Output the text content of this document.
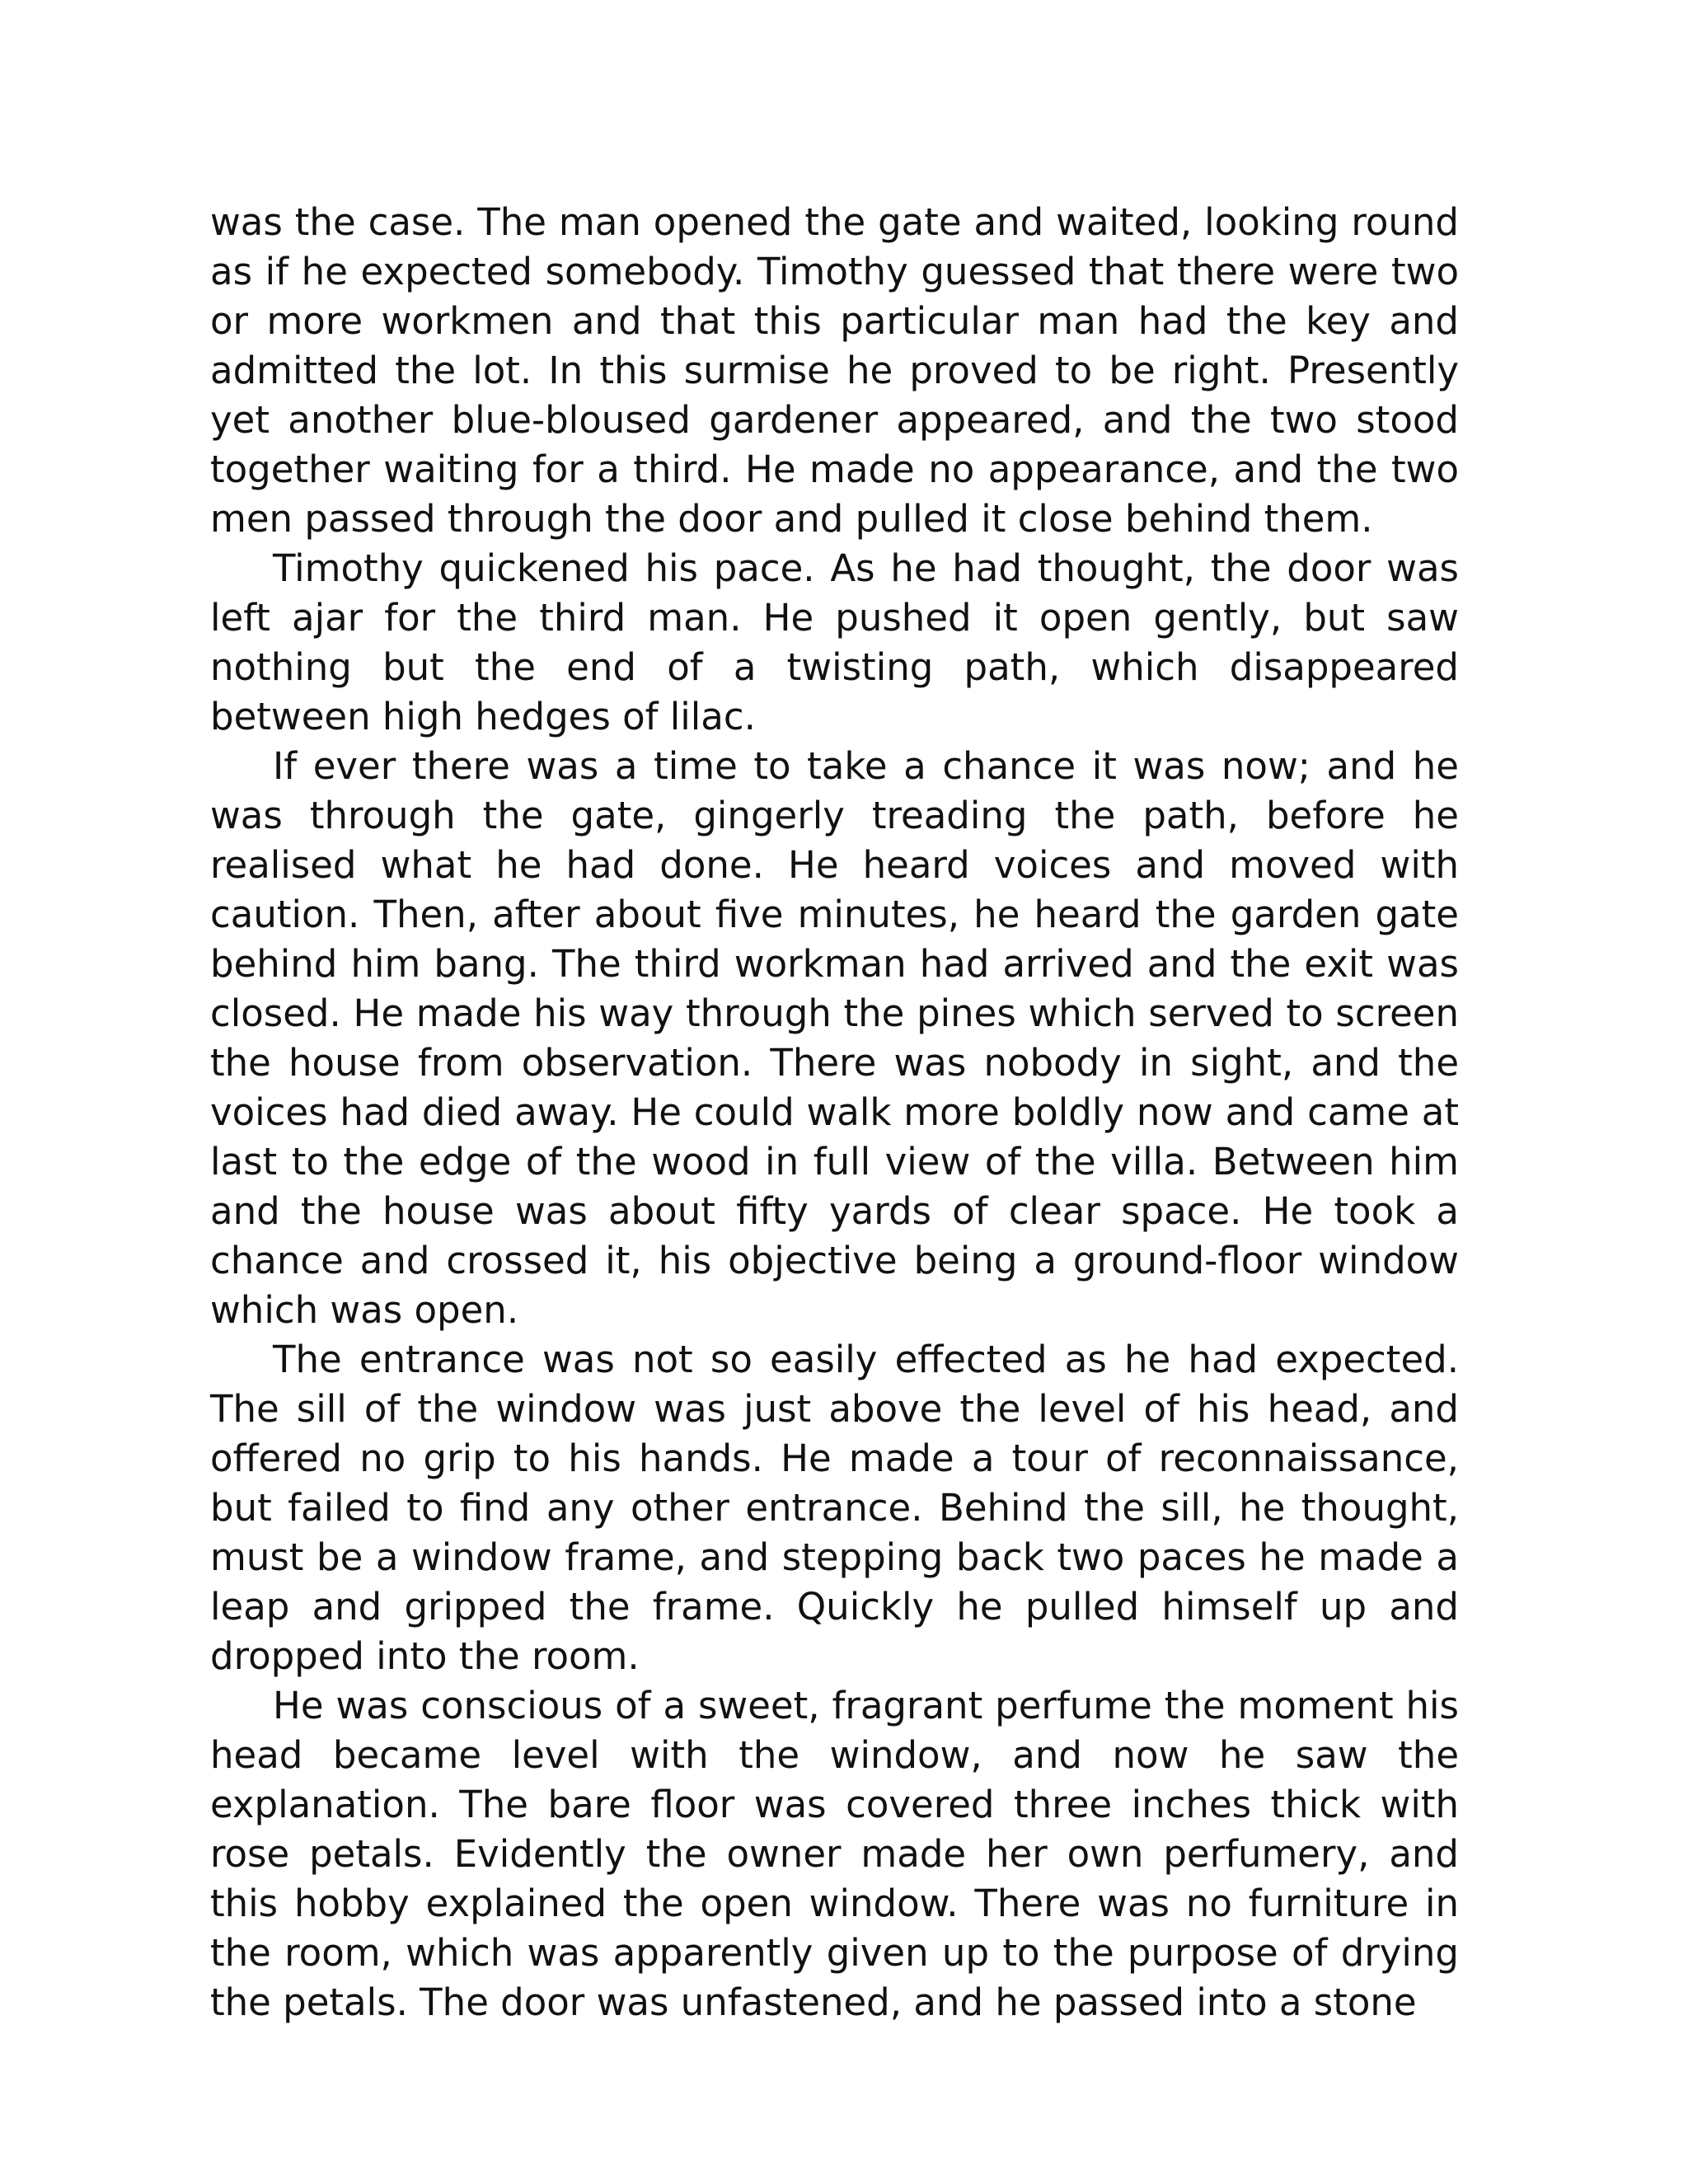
was the case. The man opened the gate and waited, looking round as if he expected somebody. Timothy guessed that there were two or more workmen and that this particular man had the key and admitted the lot. In this surmise he proved to be right. Presently yet another blue-bloused gardener appeared, and the two stood together waiting for a third. He made no appearance, and the two men passed through the door and pulled it close behind them.

Timothy quickened his pace. As he had thought, the door was left ajar for the third man. He pushed it open gently, but saw nothing but the end of a twisting path, which disappeared between high hedges of lilac.

If ever there was a time to take a chance it was now; and he was through the gate, gingerly treading the path, before he realised what he had done. He heard voices and moved with caution. Then, after about five minutes, he heard the garden gate behind him bang. The third workman had arrived and the exit was closed. He made his way through the pines which served to screen the house from observation. There was nobody in sight, and the voices had died away. He could walk more boldly now and came at last to the edge of the wood in full view of the villa. Between him and the house was about fifty yards of clear space. He took a chance and crossed it, his objective being a ground-floor window which was open.

The entrance was not so easily effected as he had expected. The sill of the window was just above the level of his head, and offered no grip to his hands. He made a tour of reconnaissance, but failed to find any other entrance. Behind the sill, he thought, must be a window frame, and stepping back two paces he made a leap and gripped the frame. Quickly he pulled himself up and dropped into the room.

He was conscious of a sweet, fragrant perfume the moment his head became level with the window, and now he saw the explanation. The bare floor was covered three inches thick with rose petals. Evidently the owner made her own perfumery, and this hobby explained the open window. There was no furniture in the room, which was apparently given up to the purpose of drying the petals. The door was unfastened, and he passed into a stone
